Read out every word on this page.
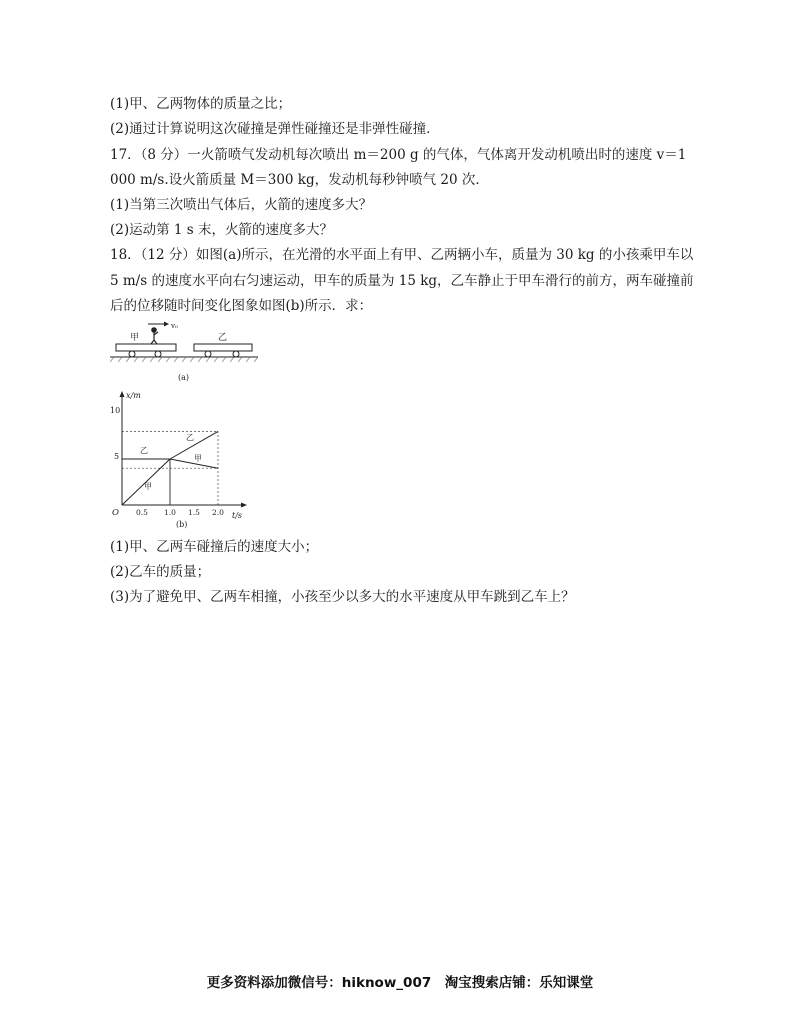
(1)甲、乙两物体的质量之比；
(2)通过计算说明这次碰撞是弹性碰撞还是非弹性碰撞．
17．（8 分）一火箭喷气发动机每次喷出 m＝200 g 的气体，气体离开发动机喷出时的速度 v＝1
000 m/s.设火箭质量 M＝300 kg，发动机每秒钟喷气 20 次．
(1)当第三次喷出气体后，火箭的速度多大？
(2)运动第 1 s 末，火箭的速度多大？
18．（12 分）如图(a)所示，在光滑的水平面上有甲、乙两辆小车，质量为 30 kg 的小孩乘甲车以
5 m/s 的速度水平向右匀速运动，甲车的质量为 15 kg，乙车静止于甲车滑行的前方，两车碰撞前
后的位移随时间变化图象如图(b)所示．求：
v₀
甲	乙
(a)
x/m
t/s
O
5
10
0.5 1.0 1.5 2.0
甲
乙
乙
甲
(b)
(1)甲、乙两车碰撞后的速度大小；
(2)乙车的质量；
(3)为了避免甲、乙两车相撞，小孩至少以多大的水平速度从甲车跳到乙车上？
更多资料添加微信号：hiknow_007　淘宝搜索店铺：乐知课堂
